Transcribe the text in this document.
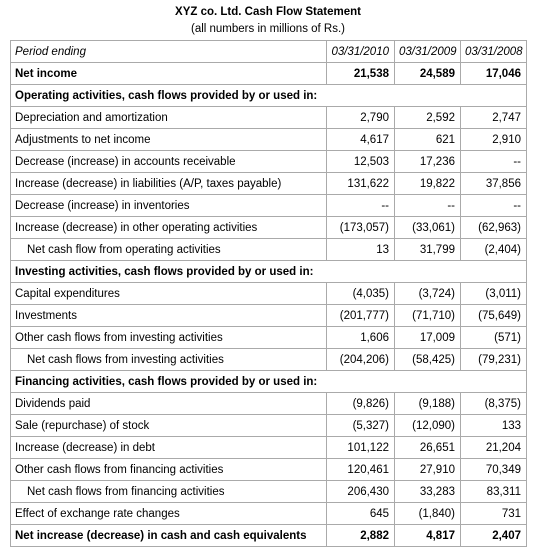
XYZ co. Ltd. Cash Flow Statement
(all numbers in millions of Rs.)
Period ending	03/31/2010	03/31/2009	03/31/2008
Net income	21,538	24,589	17,046
Operating activities, cash flows provided by or used in:			
Depreciation and amortization	2,790	2,592	2,747
Adjustments to net income	4,617	621	2,910
Decrease (increase) in accounts receivable	12,503	17,236	--
Increase (decrease) in liabilities (A/P, taxes payable)	131,622	19,822	37,856
Decrease (increase) in inventories	--	--	--
Increase (decrease) in other operating activities	(173,057)	(33,061)	(62,963)
Net cash flow from operating activities	13	31,799	(2,404)
Investing activities, cash flows provided by or used in:			
Capital expenditures	(4,035)	(3,724)	(3,011)
Investments	(201,777)	(71,710)	(75,649)
Other cash flows from investing activities	1,606	17,009	(571)
Net cash flows from investing activities	(204,206)	(58,425)	(79,231)
Financing activities, cash flows provided by or used in:			
Dividends paid	(9,826)	(9,188)	(8,375)
Sale (repurchase) of stock	(5,327)	(12,090)	133
Increase (decrease) in debt	101,122	26,651	21,204
Other cash flows from financing activities	120,461	27,910	70,349
Net cash flows from financing activities	206,430	33,283	83,311
Effect of exchange rate changes	645	(1,840)	731
Net increase (decrease) in cash and cash equivalents	2,882	4,817	2,407
